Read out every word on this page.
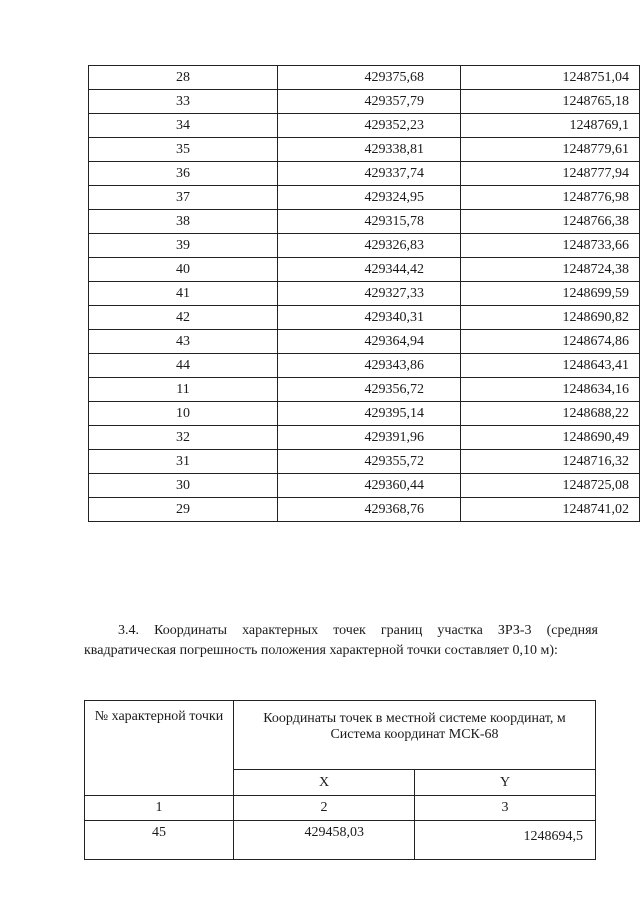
28	429375,68	1248751,04
33	429357,79	1248765,18
34	429352,23	1248769,1
35	429338,81	1248779,61
36	429337,74	1248777,94
37	429324,95	1248776,98
38	429315,78	1248766,38
39	429326,83	1248733,66
40	429344,42	1248724,38
41	429327,33	1248699,59
42	429340,31	1248690,82
43	429364,94	1248674,86
44	429343,86	1248643,41
11	429356,72	1248634,16
10	429395,14	1248688,22
32	429391,96	1248690,49
31	429355,72	1248716,32
30	429360,44	1248725,08
29	429368,76	1248741,02

3.4. Координаты характерных точек границ участка ЗРЗ-3 (средняя квадратическая погрешность положения характерной точки составляет 0,10 м):

№ характерной точки	Координаты точек в местной системе координат, м
Система координат МСК-68	

	X	Y
1	2	3
45	429458,03	1248694,5
